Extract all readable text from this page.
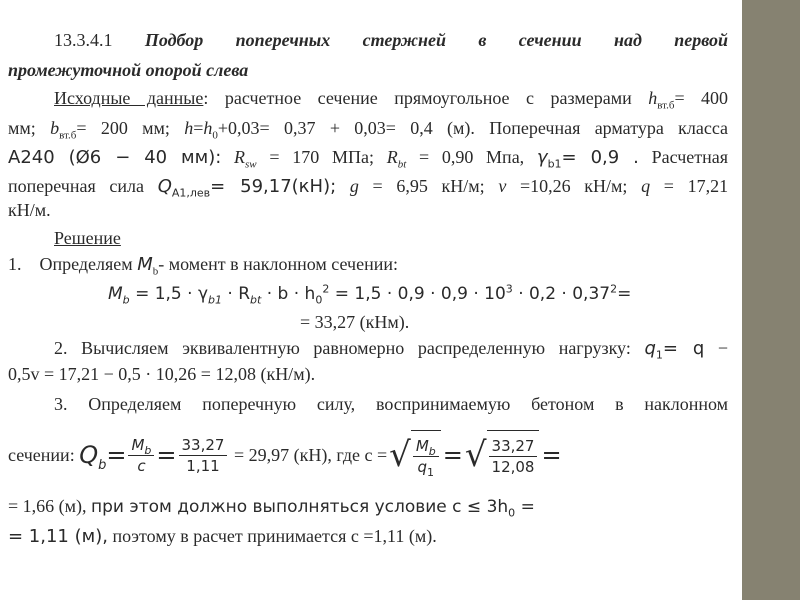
13.3.4.1 Подбор поперечных стержней в сечении над первой

промежуточной опорой слева

Исходные данные: расчетное сечение прямоугольное с размерами $h_{вт.б}= 400$

мм; $b_{вт.б}= 200$ мм; $h=h_0+0,03= 0,37 + 0,03= 0,4$ (м). Поперечная арматура класса

А240 (Ø6 − 40 мм): $R_{sw} = 170$ МПа; $R_{bt} = 0,90$ Мпа, $\gamma_{b1}= 0,9$ . Расчетная

поперечная сила $Q_{A1,лев}= 59,17(кН)$; g = 6,95 кН/м; v =10,26 кН/м; q = 17,21

кН/м.

Решение

1. Определяем $M_b-$ момент в наклонном сечении:

$M_b = 1,5 \cdot \gamma_{b1} \cdot R_{bt} \cdot b \cdot h_0^2 = 1,5 \cdot 0,9 \cdot 0,9 \cdot 10^3 \cdot 0,2 \cdot 0,37^2=$

= 33,27 (кНм).

2. Вычисляем эквивалентную равномерно распределенную нагрузку: $q_1= q$ −

0,5v = 17,21 − 0,5 · 10,26 = 12,08 (кН/м).

3. Определяем поперечную силу, воспринимаемую бетоном в наклонном

сечении:
$Q_b = \frac{M_b}{c} = \frac{33,27}{1,11}$
= 29,97 (кН), где c = √ $\frac{M_b}{q_1}$ = √ $\frac{33,27}{12,08}$ =

= 1,66 (м), при этом должно выполняться условие $c \le 3h_0$ =

= 1,11 (м), поэтому в расчет принимается с =1,11 (м).
